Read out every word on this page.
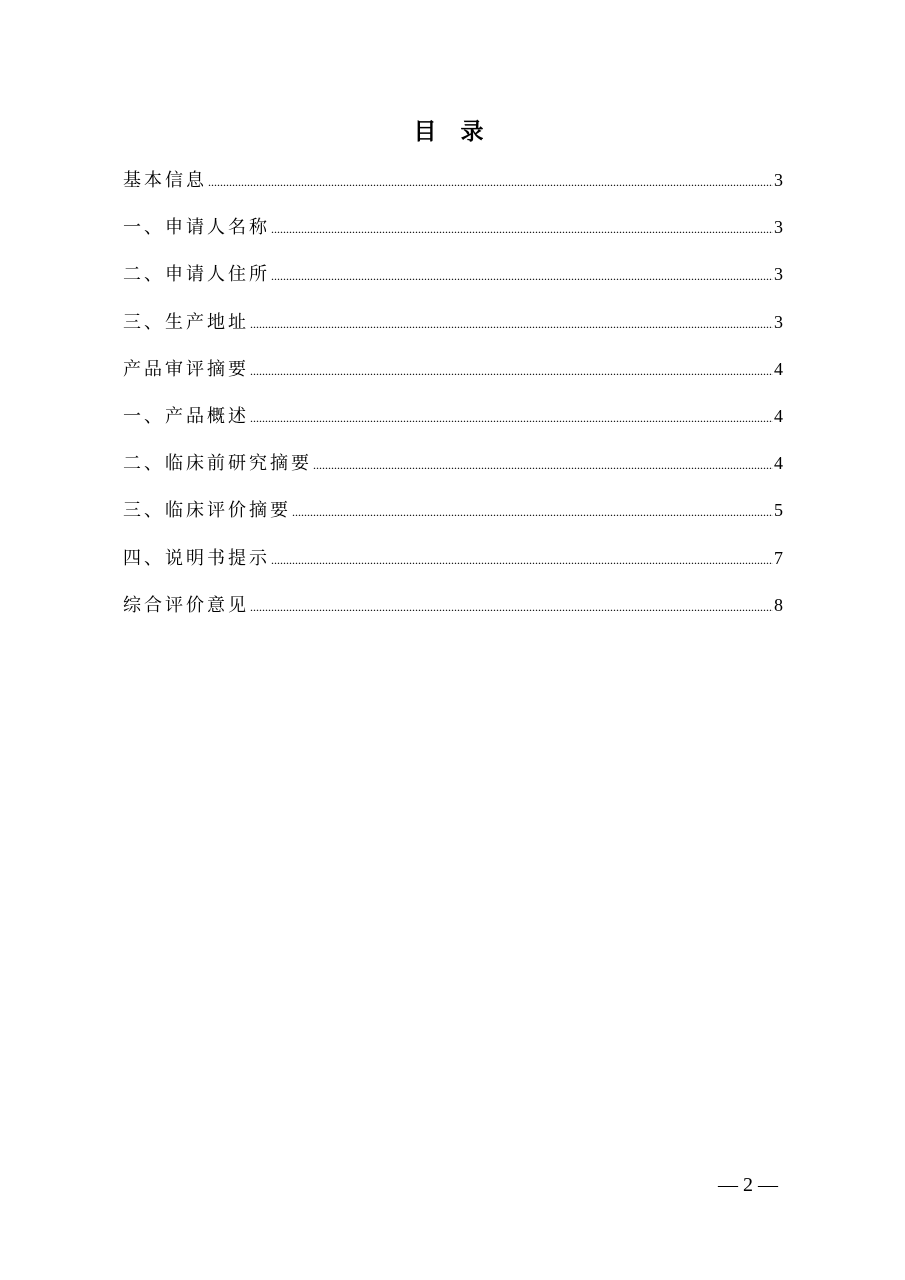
目 录
基本信息 .....	3
一、申请人名称 .....	3
二、申请人住所 .....	3
三、生产地址 .....	3
产品审评摘要 .....	4
一、产品概述 .....	4
二、临床前研究摘要 .....	4
三、临床评价摘要 .....	5
四、说明书提示 .....	7
综合评价意见 .....	8
— 2 —
